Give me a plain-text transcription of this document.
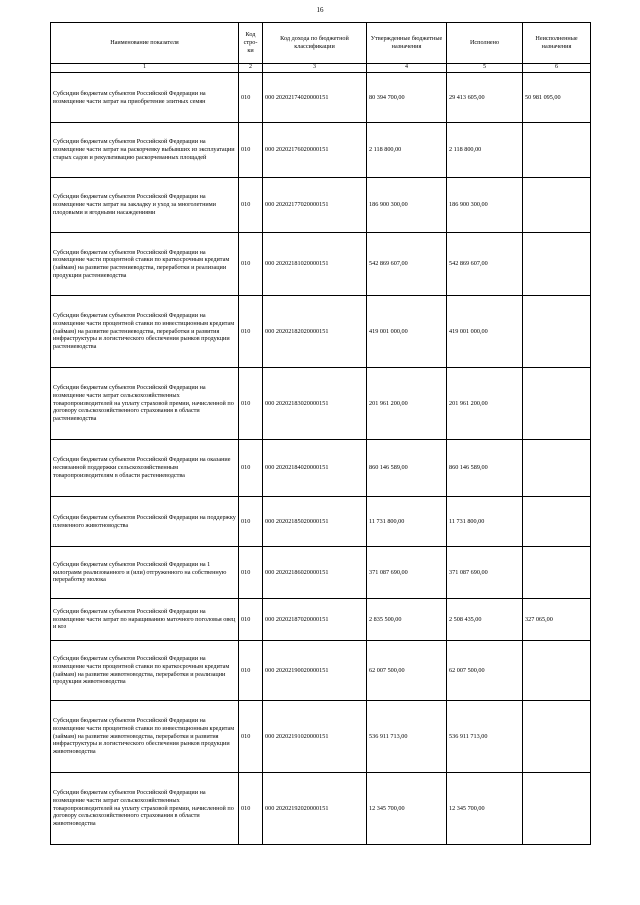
16
Наименование показателя	Код стро-ки	Код дохода по бюджетной классификации	Утвержденные бюджетные назначения	Исполнено	Неисполненные назначения
1	2	3	4	5	6
Субсидии бюджетам субъектов Российской Федерации на возмещение части затрат на приобретение элитных семян	010	000 20202174020000151	80 394 700,00	29 413 605,00	50 981 095,00
Субсидии бюджетам субъектов Российской Федерации на возмещение части затрат на раскорчевку выбывших из эксплуатации старых садов и рекультивацию раскорчеванных площадей	010	000 20202176020000151	2 118 800,00	2 118 800,00	
Субсидии бюджетам субъектов Российской Федерации на возмещение части затрат на закладку и уход за многолетними плодовыми и ягодными насаждениями	010	000 20202177020000151	186 900 300,00	186 900 300,00	
Субсидии бюджетам субъектов Российской Федерации на возмещение части процентной ставки по краткосрочным кредитам (займам) на развитие растениеводства, переработки и реализации продукции растениеводства	010	000 20202181020000151	542 869 607,00	542 869 607,00	
Субсидии бюджетам субъектов Российской Федерации на возмещение части процентной ставки по инвестиционным кредитам (займам) на развитие растениеводства, переработки и развития инфраструктуры и логистического обеспечения рынков продукции растениеводства	010	000 20202182020000151	419 001 000,00	419 001 000,00	
Субсидии бюджетам субъектов Российской Федерации на возмещение части затрат сельскохозяйственных товаропроизводителей на уплату страховой премии, начисленной по договору сельскохозяйственного страхования в области растениеводства	010	000 20202183020000151	201 961 200,00	201 961 200,00	
Субсидии бюджетам субъектов Российской Федерации на оказание несвязанной поддержки сельскохозяйственным товаропроизводителям в области растениеводства	010	000 20202184020000151	860 146 589,00	860 146 589,00	
Субсидии бюджетам субъектов Российской Федерации на поддержку племенного животноводства	010	000 20202185020000151	11 731 800,00	11 731 800,00	
Субсидии бюджетам субъектов Российской Федерации на 1 килограмм реализованного и (или) отгруженного на собственную переработку молока	010	000 20202186020000151	371 087 690,00	371 087 690,00	
Субсидии бюджетам субъектов Российской Федерации на возмещение части затрат по наращиванию маточного поголовья овец и коз	010	000 20202187020000151	2 835 500,00	2 508 435,00	327 065,00
Субсидии бюджетам субъектов Российской Федерации на возмещение части процентной ставки по краткосрочным кредитам (займам) на развитие животноводства, переработки и реализации продукции животноводства	010	000 20202190020000151	62 007 500,00	62 007 500,00	
Субсидии бюджетам субъектов Российской Федерации на возмещение части процентной ставки по инвестиционным кредитам (займам) на развитие животноводства, переработки и развития инфраструктуры и логистического обеспечения рынков продукции животноводства	010	000 20202191020000151	536 911 713,00	536 911 713,00	
Субсидии бюджетам субъектов Российской Федерации на возмещение части затрат сельскохозяйственных товаропроизводителей на уплату страховой премии, начисленной по договору сельскохозяйственного страхования в области животноводства	010	000 20202192020000151	12 345 700,00	12 345 700,00	
